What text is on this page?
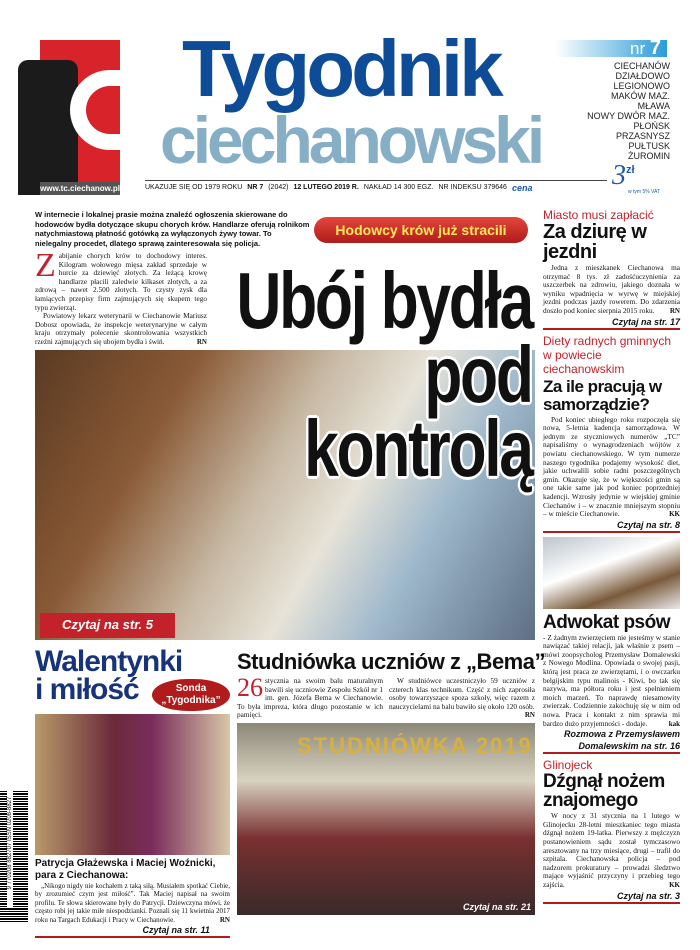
www.tc.ciechanow.pl
Tygodnik
ciechanowski
nr 7
CIECHANÓW
DZIAŁDOWO
LEGIONOWO
MAKÓW MAZ.
MŁAWA
NOWY DWÓR MAZ.
PŁOŃSK
PRZASNYSZ
PUŁTUSK
ŻUROMIN
$3^{zł}$
w tym 5% VAT
UKAZUJE SIĘ OD 1979 ROKU NR 7 (2042) 12 LUTEGO 2019 R. NAKŁAD 14 300 EGZ. NR INDEKSU 379646 cena
Hodowcy krów już stracili
W internecie i lokalnej prasie można znaleźć ogłoszenia skierowane do hodowców bydła dotyczące skupu chorych krów. Handlarze oferują rolnikom natychmiastową płatność gotówką za wyłączonych żywy towar. To nielegalny procedet, dlatego sprawą zainteresowała się policja.
Zabijanie chorych krów to dochodowy interes. Kilogram wołowego mięsa zakład sprzedaje w hurcie za dziewięć złotych. Za leżącą krowę handlarze płacili zaledwie kilkaset złotych, a za zdrową – nawet 2.500 złotych. To czysty zysk dla łamiących przepisy firm zajmujących się skupem tego typu zwierząt.

Powiatowy lekarz weterynarii w Ciechanowie Mariusz Dobosz opowiada, że inspekcje weterynaryjne w całym kraju otrzymały polecenie skontrolowania wszystkich rzeźni zajmujących się ubojem bydła i świń.	RN

Czytaj na str. 5
Ubój bydła
pod
kontrolą
Miasto musi zapłacić
Za dziurę w jezdni

Jedna z mieszkanek Ciechanowa ma otrzymać 8 tys. zł zadośćuczynienia za uszczerbek na zdrowiu, jakiego doznała w wyniku wpadnięcia w wyrwę w miejskiej jezdni podczas jazdy rowerem. Do zdarzenia doszło pod koniec sierpnia 2015 roku.	RN

Czytaj na str. 17
Diety radnych gminnych w powiecie ciechanowskim
Za ile pracują w samorządzie?

Pod koniec ubiegłego roku rozpoczęła się nowa, 5-letnia kadencja samorządowa. W jednym ze styczniowych numerów „TC” napisaliśmy o wynagrodzeniach wójtów z powiatu ciechanowskiego. W tym numerze naszego tygodnika podajemy wysokość diet, jakie uchwalili sobie radni poszczególnych gmin. Okazuje się, że w większości gmin są one takie same jak pod koniec poprzedniej kadencji. Wzrosły jedynie w wiejskiej gminie Ciechanów i – w znacznie mniejszym stopniu – w mieście Ciechanowie.	KK

Czytaj na str. 8
Adwokat psów

- Z żadnym zwierzęciem nie jesteśmy w stanie nawiązać takiej relacji, jak właśnie z psem – mówi zoopsycholog Przemysław Domalewski z Nowego Modlina. Opowiada o swojej pasji, którą jest praca ze zwierzętami, i o owczarku belgijskim typu malinois - Kiwi, bo tak się nazywa, ma półtora roku i jest spełnieniem moich marzeń. To naprawdę niesamowity zwierzak. Codziennie zakochuję się w nim od nowa. Praca i kontakt z nim sprawia mi bardzo dużo przyjemności - dodaje.	kak

Rozmowa z Przemysławem Domalewskim na str. 16
Glinojeck
Dźgnął nożem znajomego

W nocy z 31 stycznia na 1 lutego w Glinojecku 28-letni mieszkaniec tego miasta dźgnął nożem 19-latka. Pierwszy z mężczyzn postanowieniem sądu został tymczasowo aresztowany na trzy miesiące, drugi – trafił do szpitala. Ciechanowska policja – pod nadzorem prokuratury – prowadzi śledztwo mające wyjaśnić przyczyny i przebieg tego zajścia.	KK

Czytaj na str. 3
Walentynki
i miłość	Sonda
„Tygodnika”
Patrycja Głażewska i Maciej Woźnicki, para z Ciechanowa:

„Nikogo nigdy nie kochałem z taką siłą. Musiałem spotkać Ciebie, by zrozumieć czym jest miłość”. Tak Maciej napisał na swoim profilu. Te słowa skierowane były do Patrycji. Dziewczyna mówi, że często robi jej takie miłe niespodzianki. Poznali się 11 kwietnia 2017 roku na Targach Edukacji i Pracy w Ciechanowie.	RN

Czytaj na str. 11
Studniówka uczniów z „Bema”
26 stycznia na swoim balu maturalnym bawili się uczniowie Zespołu Szkół nr 1 im. gen. Józefa Bema w Ciechanowie. To była impreza, która długo pozostanie w ich pamięci.
W studniówce uczestniczyło 59 uczniów z czterech klas technikum. Część z nich zaprosiła osoby towarzyszące spoza szkoły, więc razem z nauczycielami na balu bawiło się około 120 osób.
RN
STUDNIÓWKA 2019
Czytaj na str. 21
9 770208 882707 ISSN 0208-8827
